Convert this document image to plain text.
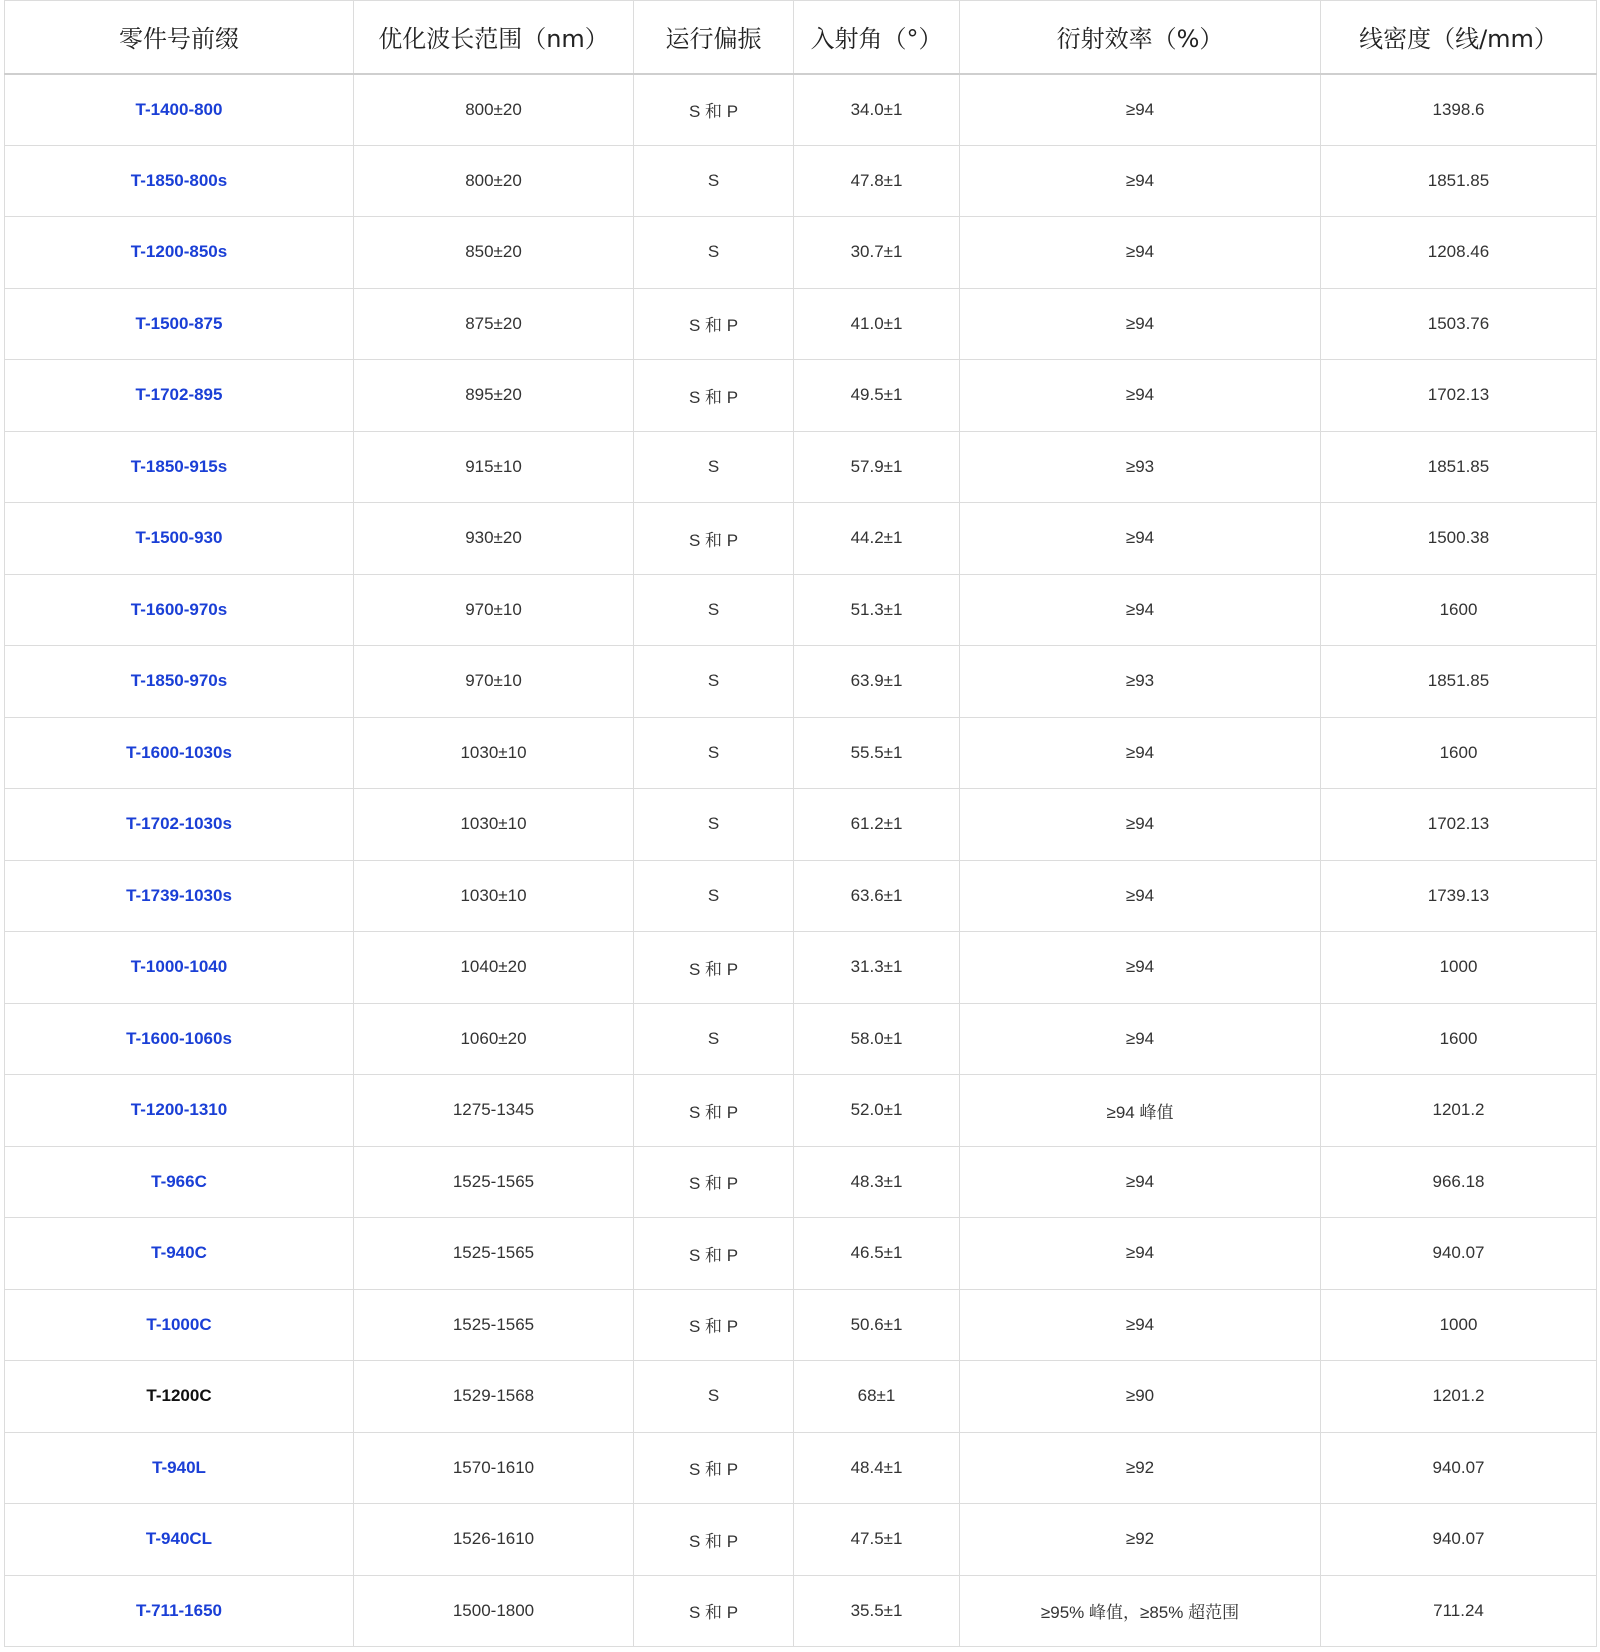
零件号前缀	优化波长范围（nm）	运行偏振	入射角（°）	衍射效率（%）	线密度（线/mm）
T-1400-800	800±20	S 和 P	34.0±1	≥94	1398.6
T-1850-800s	800±20	S	47.8±1	≥94	1851.85
T-1200-850s	850±20	S	30.7±1	≥94	1208.46
T-1500-875	875±20	S 和 P	41.0±1	≥94	1503.76
T-1702-895	895±20	S 和 P	49.5±1	≥94	1702.13
T-1850-915s	915±10	S	57.9±1	≥93	1851.85
T-1500-930	930±20	S 和 P	44.2±1	≥94	1500.38
T-1600-970s	970±10	S	51.3±1	≥94	1600
T-1850-970s	970±10	S	63.9±1	≥93	1851.85
T-1600-1030s	1030±10	S	55.5±1	≥94	1600
T-1702-1030s	1030±10	S	61.2±1	≥94	1702.13
T-1739-1030s	1030±10	S	63.6±1	≥94	1739.13
T-1000-1040	1040±20	S 和 P	31.3±1	≥94	1000
T-1600-1060s	1060±20	S	58.0±1	≥94	1600
T-1200-1310	1275-1345	S 和 P	52.0±1	≥94 峰值	1201.2
T-966C	1525-1565	S 和 P	48.3±1	≥94	966.18
T-940C	1525-1565	S 和 P	46.5±1	≥94	940.07
T-1000C	1525-1565	S 和 P	50.6±1	≥94	1000
T-1200C	1529-1568	S	68±1	≥90	1201.2
T-940L	1570-1610	S 和 P	48.4±1	≥92	940.07
T-940CL	1526-1610	S 和 P	47.5±1	≥92	940.07
T-711-1650	1500-1800	S 和 P	35.5±1	≥95% 峰值，≥85% 超范围	711.24
